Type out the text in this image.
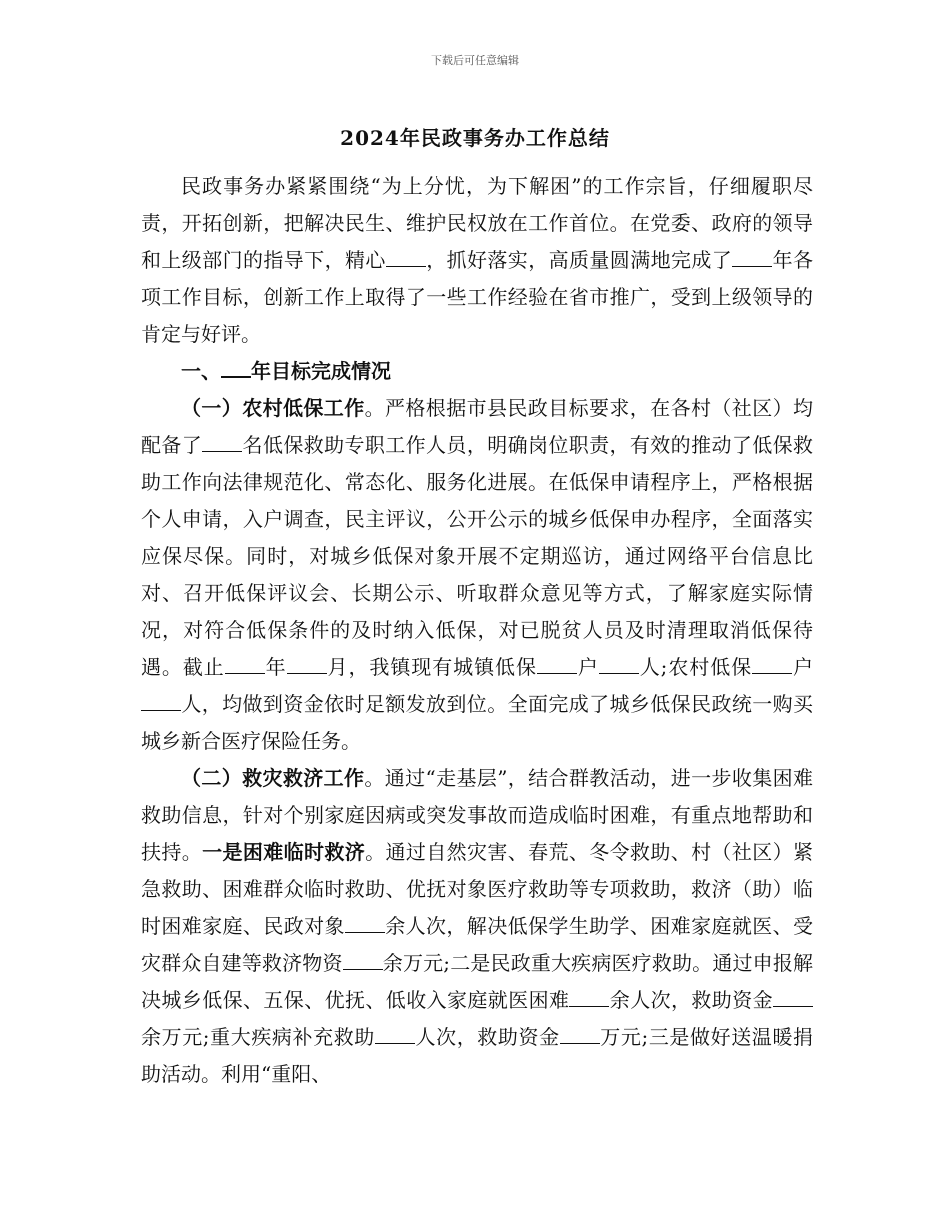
下载后可任意编辑
2024年民政事务办工作总结

民政事务办紧紧围绕“为上分忧，为下解困”的工作宗旨，仔细履职尽责，开拓创新，把解决民生、维护民权放在工作首位。在党委、政府的领导和上级部门的指导下，精心 ，抓好落实，高质量圆满地完成了 年各项工作目标，创新工作上取得了一些工作经验在省市推广，受到上级领导的肯定与好评。

一、 年目标完成情况

（一）农村低保工作。严格根据市县民政目标要求，在各村（社区）均配备了 名低保救助专职工作人员，明确岗位职责，有效的推动了低保救助工作向法律规范化、常态化、服务化进展。在低保申请程序上，严格根据个人申请，入户调查，民主评议，公开公示的城乡低保申办程序，全面落实应保尽保。同时，对城乡低保对象开展不定期巡访，通过网络平台信息比对、召开低保评议会、长期公示、听取群众意见等方式，了解家庭实际情况，对符合低保条件的及时纳入低保，对已脱贫人员及时清理取消低保待遇。截止 年 月，我镇现有城镇低保 户 人;农村低保 户人，均做到资金依时足额发放到位。全面完成了城乡低保民政统一购买城乡新合医疗保险任务。

（二）救灾救济工作。通过“走基层”，结合群教活动，进一步收集困难救助信息，针对个别家庭因病或突发事故而造成临时困难，有重点地帮助和扶持。一是困难临时救济。通过自然灾害、春荒、冬令救助、村（社区）紧急救助、困难群众临时救助、优抚对象医疗救助等专项救助，救济（助）临时困难家庭、民政对象 余人次，解决低保学生助学、困难家庭就医、受灾群众自建等救济物资 余万元;二是民政重大疾病医疗救助。通过申报解决城乡低保、五保、优抚、低收入家庭就医困难 余人次，救助资金余万元;重大疾病补充救助 人次，救助资金 万元;三是做好送温暖捐助活动。利用“重阳、
